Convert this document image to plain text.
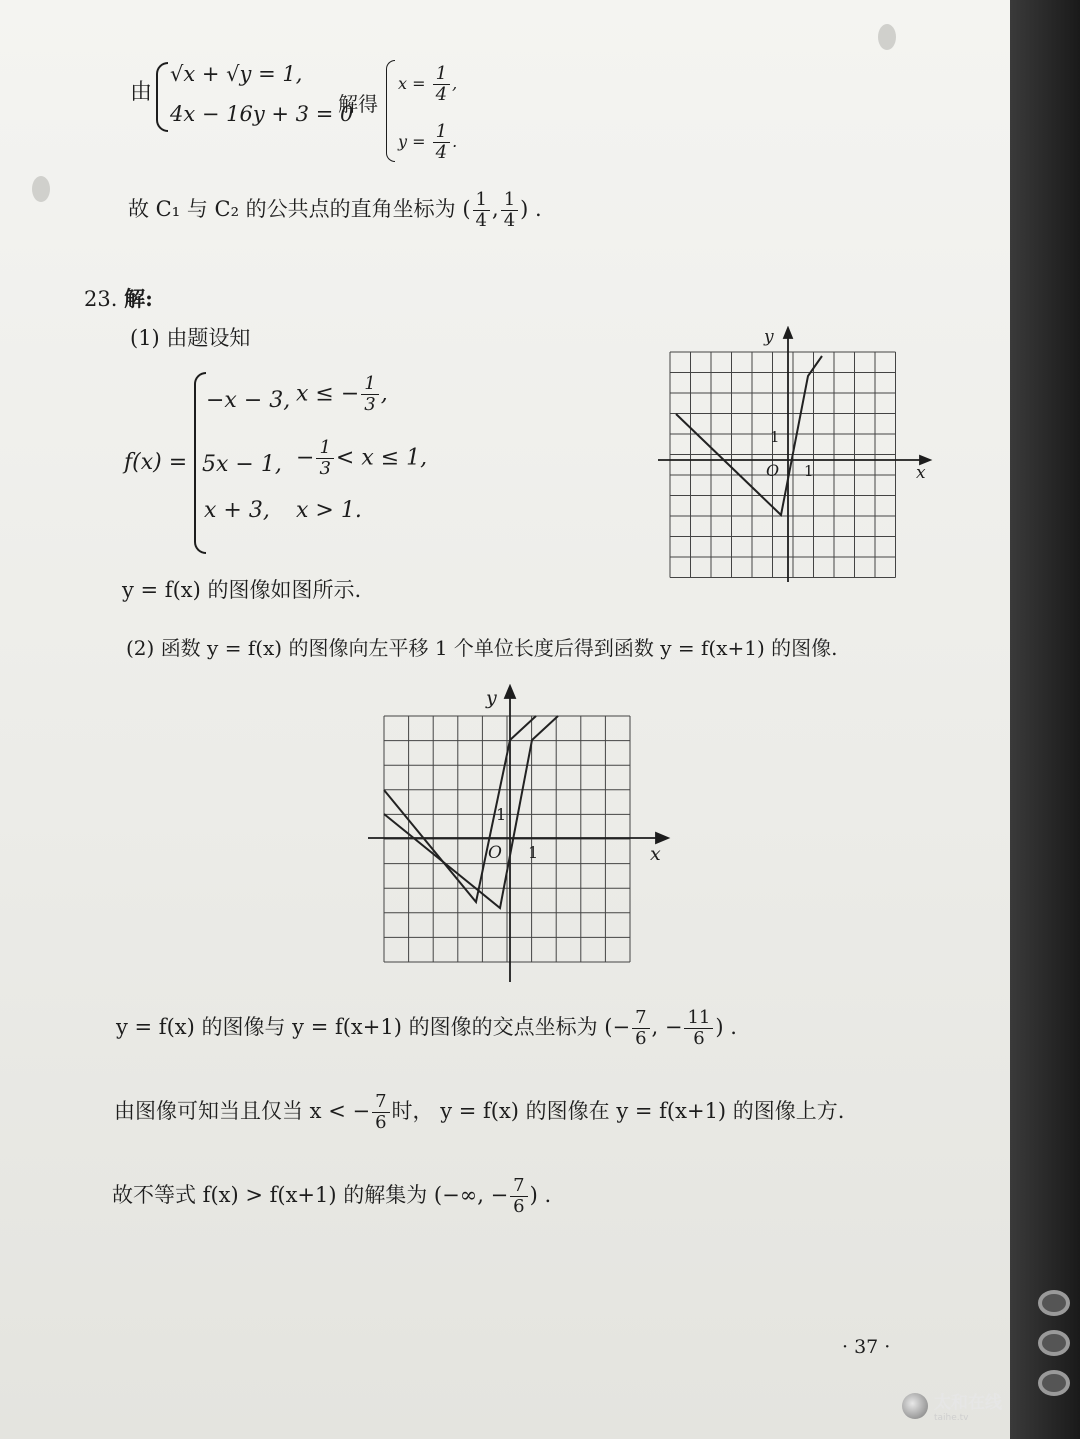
由
√x + √y = 1,
4x − 16y + 3 = 0
解得
$x = \frac{1}{4}$ ,
$y = \frac{1}{4}$ .
故 C₁ 与 C₂ 的公共点的直角坐标为 ( $\frac{1}{4}$ , $\frac{1}{4}$ ) .
23. 解:
(1) 由题设知
f(x) =
−x − 3, x ≤ − $\frac{1}{3}$ ,
5x − 1, − $\frac{1}{3} < x \le 1$,
x + 3, x > 1.
y = f(x) 的图像如图所示.
y
x
O 1
1
(2) 函数 y = f(x) 的图像向左平移 1 个单位长度后得到函数 y = f(x+1) 的图像.
y
x
O 1
1
y = f(x) 的图像与 y = f(x+1) 的图像的交点坐标为 (− $\frac{7}{6}$ , − $\frac{11}{6}$ ) .
由图像可知当且仅当 x < − $\frac{7}{6}$ 时， y = f(x) 的图像在 y = f(x+1) 的图像上方.
故不等式 f(x) > f(x+1) 的解集为 (−∞, − $\frac{7}{6}$ ) .
· 37 ·
太和在线
taihe.tv
